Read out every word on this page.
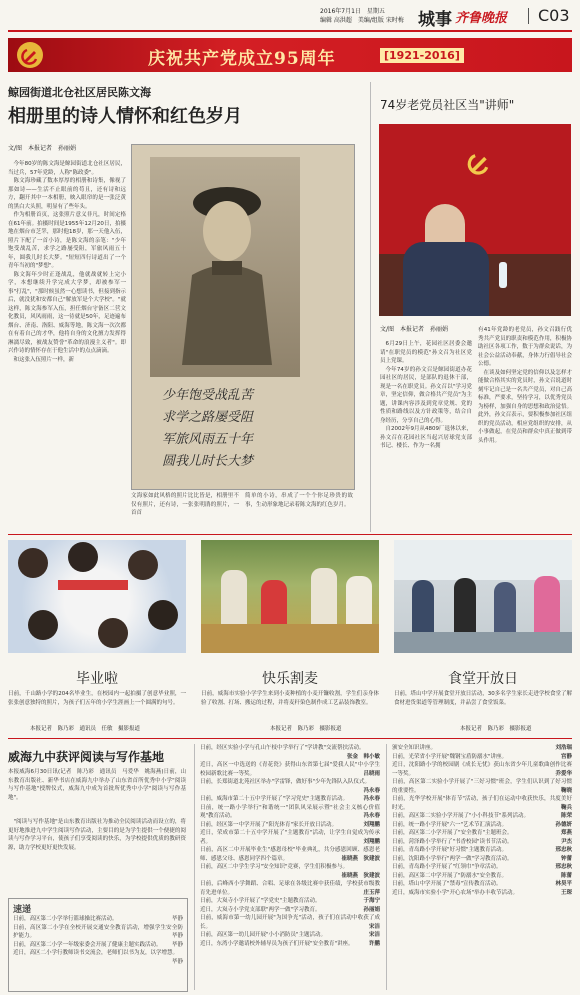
2016年7月1日　星期五
编辑 高洪超　美编/组版 宋时梅 城事 齐鲁晚报 C03
庆祝共产党成立95周年	[1921-2016]
鲸园街道北仓社区居民陈文海
相册里的诗人情怀和红色岁月
文/图　本报记者　孙丽娟

今年80岁的陈文海是鲸园街道北仓社区居民，当过兵，57年党龄，人称"陈政委"。

陈文海珍藏了数本厚厚的相册和诗集，像视了那如诗——生活不止眼前的苟且，还有诗和远方，翻开其中一本相册，映入眼帘的是一张泛黄的黑白大头照，明显有了些年头。

作为相册首页，这张照片意义非凡，时间定格在61年前。拍摄时间是1955年12月20日，拍摄地在烟台市芝罘，那时他18岁，那一天他入伍，照片下配了一首小诗，是陈文海的亲笔："少年饱受战乱苦，求学之路屡受阻，军旅风雨五十年，圆我儿时长大梦。"短短四行诗道出了一个青年当初的"梦想"。

陈文海年少时正逢战乱，他就战就转上完小学，本想继续升学完成大学梦，却被参军一事"打乱"，"那时候虽然一心想读书，但接到指示后，就没犹和安都自己"解放军是个大学校"。"就这样，陈文海参军入伍，担任烟台守备区二营文化教员，风风雨雨，这一待就是50年，足迹遍布烟台、济南、洛阳、威海等地，陈文海一次次都在有着自己的才华，他将自身的文化擅力发挥得淋漓尽致，被战友赞誉"革命的浪漫主义者"。即兴作诗的情怀存在于他生活中的点点滴滴。

和这张入伍照片一样，新

少年饱受战乱苦
求学之路屡受阻
军旅风雨五十年
圆我儿时长大梦
文海家如此风格的照片比比皆是，相册里不仅有照片，还有诗，一张张明鹃的照片，一首首
简单的小诗，串成了一个个你足珍贵的故事，生动形象地记录着陈文海的红色岁月。
74岁老党员社区当"讲师"
文/图　本报记者　孙丽娟

6月29日上午，花园社区居委会邀请"在职党员的模范"孙文召为社区党员上党课。

今年74岁的孙文召是鲸园街道办花园社区的居民，是部队的退休干部，现是一名在职党员。孙文召以"学习党章，坚定信仰，做合格共产党员"为主题，讲课内容涉及到党章党规、党的性质和路线以及方针政策等，结合自身经历，分享自己的心得。

自2002年9月从4809厂退休以来，孙文召在花园社区当起兴居球党支部书记、楼长、作为一名拥

有41年党龄的老党员，孙文召践行优秀共产党员的职责和模范作用，积极协助社区各项工作，数于为群众说话，为社会公益活动奉献，身体力行倡导社会公德。

在谈及如何坚定党的信仰以及怎样才能做合格其实的党员时，孙文召说道时刻牢记自己是一名共产党员，对自己高标准，严要求，坚持学习，以优秀党员为榜样，加强自身的思想和政治觉悟。此外，孙文召表示，要积极参加社区组织的党员活动，相应党组织的安排，从小事做起，在党员和群众中真正做到带头作用。

毕业啦	快乐割麦	食堂开放日
日前，千山路小学的204名毕业生，在校园内一起拍摄了创意毕业照，一张张创意独特的照片，为孩子们五年的小学生涯画上一个圆满的句号。
日前，威海市实验小学学生来到小麦种植的小麦开镰收割，学生们亲身体验了收割、打场、搬运的过程，并将麦秆染色制作成工艺品装饰教室。
日前，塔山中学开展食堂开放日活动，30多名学生家长走进学校食堂了解食材进货渠道等管理制度，并品尝了食堂饭菜。
本报记者　陈乃彩　通讯员　任敏　摄影报道	本报记者　陈乃彩　摄影报道	本报记者　陈乃彩　摄影报道
威海九中获评阅读与写作基地
本报威海6月30日讯(记者　陈乃彩　通讯员　马爱华　姚海燕)日前，山东教育出版社、新华书店在威海九中举办了山东省首所优秀中小学"阅读与写作基地"授牌仪式，威海九中成为首批所优秀中小学"阅读与写作基地"。
"阅读与写作基地"是山东教育出版社为推动全民阅读活动而设立的，将更好地推进九中学生阅读写作活动，主要目的是为学生提供一个便捷的阅读与写作学习平台，使孩子们享受阅读的快乐，为学校提供优质的教研资源，助力学校更好更快发展。
速递
日前，高区第二小学举行篮球操比赛活动。	毕静
日前，高区第二小学在全校开展交通安全教育活动，增强学生安全防护能力。	毕静
日前，高区第二小学一年级家委会开展了健康主题实践活动。 毕静
近日，高区二小学行教师读书交流会，老师们以书为友，以学增慧。
毕静
日前，经区实验小学与孔山午枝中学举行了"学讲教"交流帮扶活动。
张金　韩小敏
近日，高区一中选送的《青花瓷》获得山东省第七届"爱我人民"中小学生校园新歌比赛一等奖。	吕晓雨
日前，长郑街道北苑社区举办"学雷锋，做好事"少年先锋队入队仪式。
冯永春
日前，威海市第二十五中学开展了"学习党史"主题教育活动。	冯永春
日前，统一路小学举行"和谐统一"团队风采展示暨"社会主义核心价值观"教育活动。	冯永春
日前，经区第一中学开展了"阳光体育"家长开放日活动。	刘翔鹏
近日，荣成市第二十五中学开展了"主题教育"活动，让学生自觉成为传承者。	刘翔鹏
日前，高区二中开展毕业生"感恩母校"毕业典礼，共分感恩回顾、感恩老师、感恩父母、感恩同学四个篇章。	崔晓燕　狄建波
日前，高区二中学生学习"安全知识"竞赛，学生们积极参与。
崔晓燕　狄建波
日前，后峰西小学舞蹈、合唱、足球在各级比赛中获佳绩，学校获市级教育先进单位。	庄玉萍
日前，大岚寺小学开展了"学党史"主题教育活动。	于海宁
近日，大岚寺小学党支部联"两学一做"学习教育。	孙丽娟
日前，威海市第一幼儿园开展"为国争光"活动，孩子们在活动中收获了成长。	宋洁
日前，高区第一幼儿园开展"小小消防员"主题活动。	宋洁
近日，东湾小学邀请校外辅导员为孩子们开展"安全教育"讲座。	许鹏
颁安全知识讲座。	刘浩瑞
日前，光荣省小学开展"魏钢宝盾防溺水"讲座。	宫静
近日，沈阳路小学的校园剧《成长无忧》获山东省少年儿童歌曲创作比赛一等奖。	乔爱华
日前，高区第二实验小学开展了"三好习惯"班会，学生们认识到了好习惯的重要性。	鞠晓
日前，光华学校开展"体育节"活动，孩子们在运动中收获快乐，共度美好时光。	鞠兵
日前，高区第二实验小学开展了"小小科技节"系列活动。	陈荣
日前，统一路小学开展"六一"艺术节汇演活动。	孙德妍
日前，高区第二小学开展了"安全教育"主题班会。	郑燕
日前，菏泽路小学举行了"书香校园"读书节活动。	尹杰
日前，青岛路小学开展"好习惯"主题教育活动。	邢忠秋
日前，沈阳路小学举行"两学一做"学习教育活动。	钟蕾
日前，青岛路小学开展了"红领巾"争章活动。	邢忠秋
日前，高区第二中学开展了"防溺水"安全教育。	陈蕾
日前，塔山中学开展了"禁毒"宣传教育活动。	林昊平
近日，威海市实验小学"开心农场"举办丰收节活动。	王琛
